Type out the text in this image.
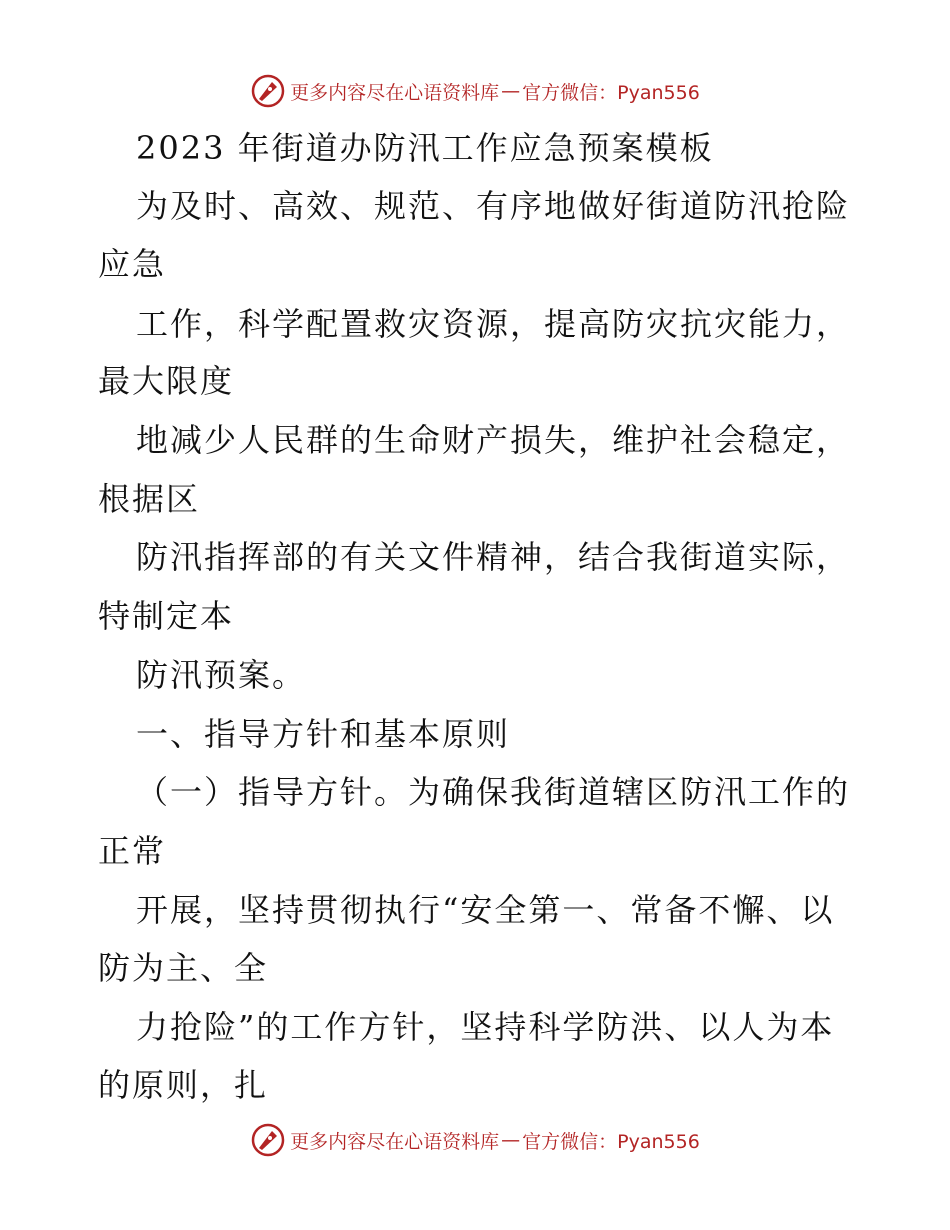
更多内容尽在心语资料库 — 官方微信：Pyan556
2023 年街道办防汛工作应急预案模板
为及时、高效、规范、有序地做好街道防汛抢险
应急
工作，科学配置救灾资源，提高防灾抗灾能力，
最大限度
地减少人民群的生命财产损失，维护社会稳定，
根据区
防汛指挥部的有关文件精神，结合我街道实际，
特制定本
防汛预案。
一、指导方针和基本原则
（一）指导方针。为确保我街道辖区防汛工作的
正常
开展，坚持贯彻执行“安全第一、常备不懈、以
防为主、全
力抢险”的工作方针，坚持科学防洪、以人为本
的原则，扎
更多内容尽在心语资料库 — 官方微信：Pyan556
